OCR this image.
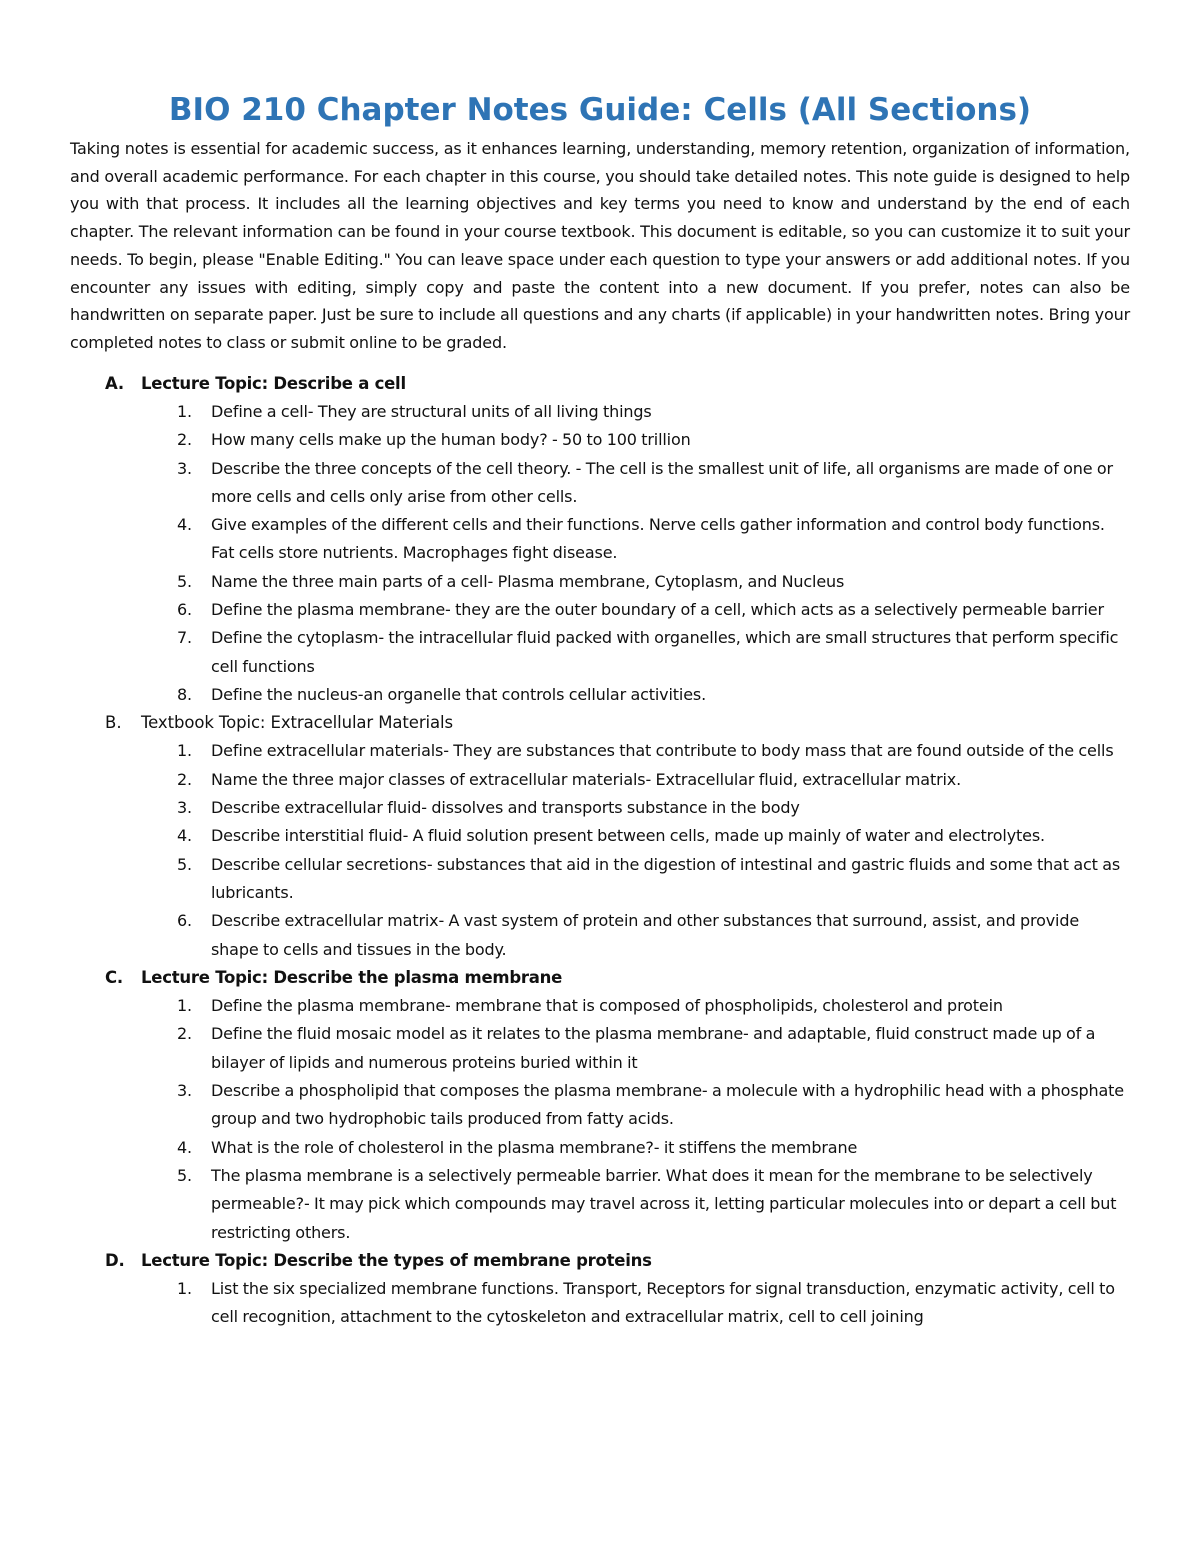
BIO 210 Chapter Notes Guide: Cells (All Sections)

Taking notes is essential for academic success, as it enhances learning, understanding, memory retention, organization of information, and overall academic performance. For each chapter in this course, you should take detailed notes. This note guide is designed to help you with that process. It includes all the learning objectives and key terms you need to know and understand by the end of each chapter. The relevant information can be found in your course textbook. This document is editable, so you can customize it to suit your needs. To begin, please "Enable Editing." You can leave space under each question to type your answers or add additional notes. If you encounter any issues with editing, simply copy and paste the content into a new document. If you prefer, notes can also be handwritten on separate paper. Just be sure to include all questions and any charts (if applicable) in your handwritten notes. Bring your completed notes to class or submit online to be graded.

A. Lecture Topic: Describe a cell
1. Define a cell- They are structural units of all living things
2. How many cells make up the human body? - 50 to 100 trillion
3. Describe the three concepts of the cell theory. - The cell is the smallest unit of life, all organisms are made of one or more cells and cells only arise from other cells.
4. Give examples of the different cells and their functions. Nerve cells gather information and control body functions. Fat cells store nutrients. Macrophages fight disease.
5. Name the three main parts of a cell- Plasma membrane, Cytoplasm, and Nucleus
6. Define the plasma membrane- they are the outer boundary of a cell, which acts as a selectively permeable barrier
7. Define the cytoplasm- the intracellular fluid packed with organelles, which are small structures that perform specific cell functions
8. Define the nucleus-an organelle that controls cellular activities.
B. Textbook Topic: Extracellular Materials
1. Define extracellular materials- They are substances that contribute to body mass that are found outside of the cells
2. Name the three major classes of extracellular materials- Extracellular fluid, extracellular matrix.
3. Describe extracellular fluid- dissolves and transports substance in the body
4. Describe interstitial fluid- A fluid solution present between cells, made up mainly of water and electrolytes.
5. Describe cellular secretions- substances that aid in the digestion of intestinal and gastric fluids and some that act as lubricants.
6. Describe extracellular matrix- A vast system of protein and other substances that surround, assist, and provide shape to cells and tissues in the body.
C. Lecture Topic: Describe the plasma membrane
1. Define the plasma membrane- membrane that is composed of phospholipids, cholesterol and protein
2. Define the fluid mosaic model as it relates to the plasma membrane- and adaptable, fluid construct made up of a bilayer of lipids and numerous proteins buried within it
3. Describe a phospholipid that composes the plasma membrane- a molecule with a hydrophilic head with a phosphate group and two hydrophobic tails produced from fatty acids.
4. What is the role of cholesterol in the plasma membrane?- it stiffens the membrane
5. The plasma membrane is a selectively permeable barrier. What does it mean for the membrane to be selectively permeable?- It may pick which compounds may travel across it, letting particular molecules into or depart a cell but restricting others.
D. Lecture Topic: Describe the types of membrane proteins
1. List the six specialized membrane functions. Transport, Receptors for signal transduction, enzymatic activity, cell to cell recognition, attachment to the cytoskeleton and extracellular matrix, cell to cell joining
